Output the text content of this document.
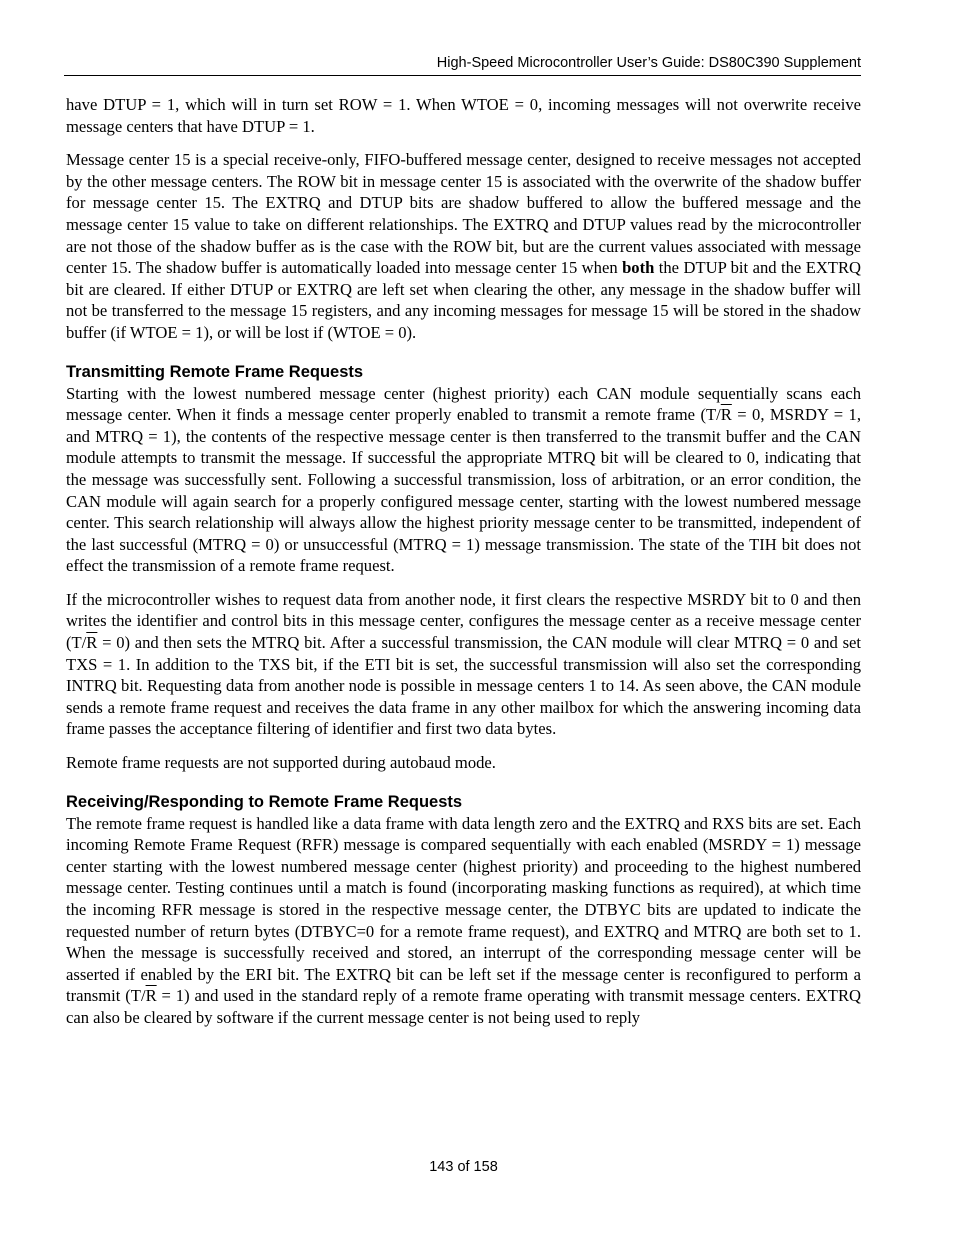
High-Speed Microcontroller User’s Guide: DS80C390 Supplement

have DTUP = 1, which will in turn set ROW = 1. When WTOE = 0, incoming messages will not overwrite receive message centers that have DTUP = 1.

Message center 15 is a special receive-only, FIFO-buffered message center, designed to receive messages not accepted by the other message centers. The ROW bit in message center 15 is associated with the overwrite of the shadow buffer for message center 15. The EXTRQ and DTUP bits are shadow buffered to allow the buffered message and the message center 15 value to take on different relationships. The EXTRQ and DTUP values read by the microcontroller are not those of the shadow buffer as is the case with the ROW bit, but are the current values associated with message center 15. The shadow buffer is automatically loaded into message center 15 when both the DTUP bit and the EXTRQ bit are cleared. If either DTUP or EXTRQ are left set when clearing the other, any message in the shadow buffer will not be transferred to the message 15 registers, and any incoming messages for message 15 will be stored in the shadow buffer (if WTOE = 1), or will be lost if (WTOE = 0).

Transmitting Remote Frame Requests

Starting with the lowest numbered message center (highest priority) each CAN module sequentially scans each message center. When it finds a message center properly enabled to transmit a remote frame ($T/\overline{R} = 0$, MSRDY = 1, and MTRQ = 1), the contents of the respective message center is then transferred to the transmit buffer and the CAN module attempts to transmit the message. If successful the appropriate MTRQ bit will be cleared to 0, indicating that the message was successfully sent. Following a successful transmission, loss of arbitration, or an error condition, the CAN module will again search for a properly configured message center, starting with the lowest numbered message center. This search relationship will always allow the highest priority message center to be transmitted, independent of the last successful (MTRQ = 0) or unsuccessful (MTRQ = 1) message transmission. The state of the TIH bit does not effect the transmission of a remote frame request.

If the microcontroller wishes to request data from another node, it first clears the respective MSRDY bit to 0 and then writes the identifier and control bits in this message center, configures the message center as a receive message center $(T/\overline{R} = 0)$ and then sets the MTRQ bit. After a successful transmission, the CAN module will clear MTRQ = 0 and set TXS = 1. In addition to the TXS bit, if the ETI bit is set, the successful transmission will also set the corresponding INTRQ bit. Requesting data from another node is possible in message centers 1 to 14. As seen above, the CAN module sends a remote frame request and receives the data frame in any other mailbox for which the answering incoming data frame passes the acceptance filtering of identifier and first two data bytes.

Remote frame requests are not supported during autobaud mode.

Receiving/Responding to Remote Frame Requests

The remote frame request is handled like a data frame with data length zero and the EXTRQ and RXS bits are set. Each incoming Remote Frame Request (RFR) message is compared sequentially with each enabled (MSRDY = 1) message center starting with the lowest numbered message center (highest priority) and proceeding to the highest numbered message center. Testing continues until a match is found (incorporating masking functions as required), at which time the incoming RFR message is stored in the respective message center, the DTBYC bits are updated to indicate the requested number of return bytes (DTBYC=0 for a remote frame request), and EXTRQ and MTRQ are both set to 1. When the message is successfully received and stored, an interrupt of the corresponding message center will be asserted if enabled by the ERI bit. The EXTRQ bit can be left set if the message center is reconfigured to perform a transmit $(T/\overline{R} = 1)$ and used in the standard reply of a remote frame operating with transmit message centers. EXTRQ can also be cleared by software if the current message center is not being used to reply

143 of 158
